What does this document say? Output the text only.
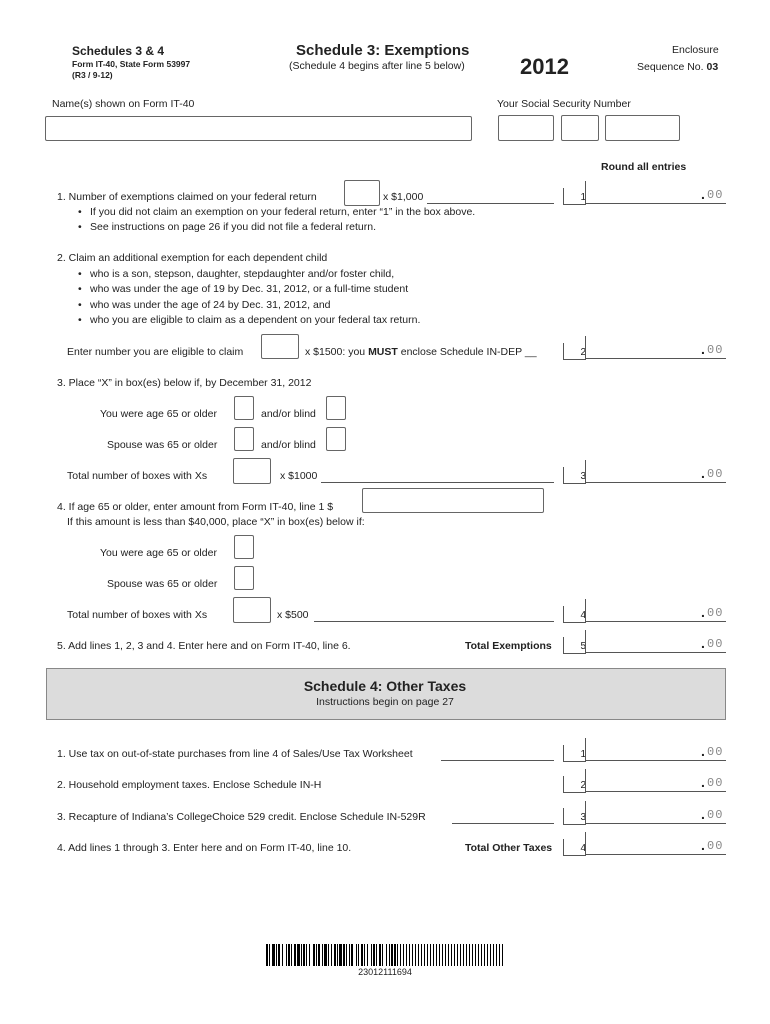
Schedules 3 & 4
Form IT-40, State Form 53997
(R3 / 9-12)
Schedule 3: Exemptions
(Schedule 4 begins after line 5 below)	2012
Enclosure
Sequence No. 03
Name(s) shown on Form IT-40	Your Social Security Number
Round all entries
1. Number of exemptions claimed on your federal return	x $1,000	1	. 00
• If you did not claim an exemption on your federal return, enter “1” in the box above.
• See instructions on page 26 if you did not file a federal return.
2. Claim an additional exemption for each dependent child
• who is a son, stepson, daughter, stepdaughter and/or foster child,
• who was under the age of 19 by Dec. 31, 2012, or a full-time student
• who was under the age of 24 by Dec. 31, 2012, and
• who you are eligible to claim as a dependent on your federal tax return.
Enter number you are eligible to claim	x $1500: you MUST enclose Schedule IN-DEP __	2	. 00
3. Place “X” in box(es) below if, by December 31, 2012
You were age 65 or older	and/or blind
Spouse was 65 or older	and/or blind
Total number of boxes with Xs	x $1000	3	. 00
4. If age 65 or older, enter amount from Form IT-40, line 1 $
If this amount is less than $40,000, place “X” in box(es) below if:
You were age 65 or older
Spouse was 65 or older
Total number of boxes with Xs	x $500	4	. 00
5. Add lines 1, 2, 3 and 4. Enter here and on Form IT-40, line 6.	Total Exemptions	5	. 00
Schedule 4: Other Taxes
Instructions begin on page 27
1. Use tax on out-of-state purchases from line 4 of Sales/Use Tax Worksheet	1	. 00
2. Household employment taxes. Enclose Schedule IN-H	2	. 00
3. Recapture of Indiana’s CollegeChoice 529 credit. Enclose Schedule IN-529R	3	. 00
4. Add lines 1 through 3. Enter here and on Form IT-40, line 10.	Total Other Taxes	4	. 00
23012111694
